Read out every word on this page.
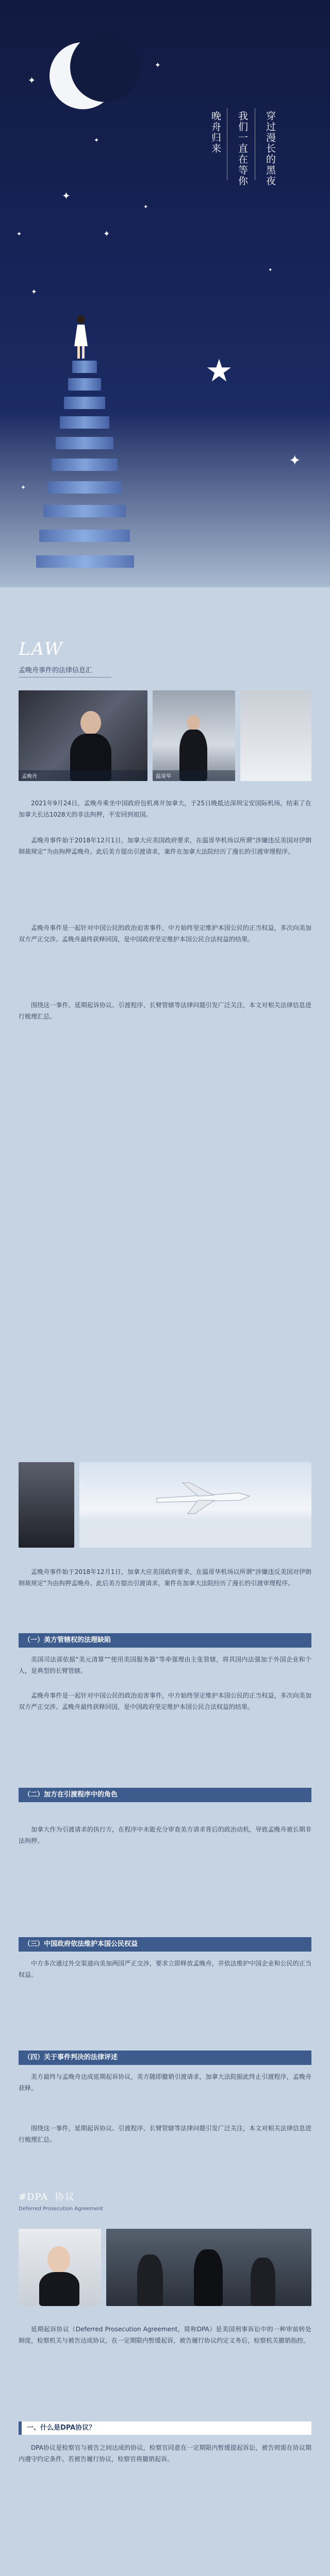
✦
✦
✦
✦
✦	✦
✦
✦
✦
★
✦
✦
晚舟归来 我们一直在等你 穿过漫长的黑夜
LAW
孟晚舟事件的法律信息汇
孟晚舟	温哥华

2021年9月24日，孟晚舟乘坐中国政府包机离开加拿大，于25日晚抵达深圳宝安国际机场，结束了在加拿大长达1028天的非法拘押，平安回到祖国。

孟晚舟事件始于2018年12月1日，加拿大应美国政府要求，在温哥华机场以所谓“涉嫌违反美国对伊朗制裁规定”为由拘押孟晚舟。此后美方提出引渡请求，案件在加拿大法院经历了漫长的引渡审理程序。

孟晚舟事件是一起针对中国公民的政治迫害事件，中方始终坚定维护本国公民的正当权益，多次向美加双方严正交涉。孟晚舟最终获释回国，是中国政府坚定维护本国公民合法权益的结果。

围绕这一事件，延期起诉协议、引渡程序、长臂管辖等法律问题引发广泛关注，本文对相关法律信息进行梳理汇总。

孟晚舟事件始于2018年12月1日，加拿大应美国政府要求，在温哥华机场以所谓“涉嫌违反美国对伊朗制裁规定”为由拘押孟晚舟。此后美方提出引渡请求，案件在加拿大法院经历了漫长的引渡审理程序。

（一）美方管辖权的法理缺陷

美国司法部依据“美元清算”“使用美国服务器”等牵强理由主张管辖，将其国内法强加于外国企业和个人，是典型的长臂管辖。

孟晚舟事件是一起针对中国公民的政治迫害事件，中方始终坚定维护本国公民的正当权益，多次向美加双方严正交涉。孟晚舟最终获释回国，是中国政府坚定维护本国公民合法权益的结果。

（二）加方在引渡程序中的角色

加拿大作为引渡请求的执行方，在程序中未能充分审查美方请求背后的政治动机，导致孟晚舟被长期非法拘押。

（三）中国政府依法维护本国公民权益

中方多次通过外交渠道向美加两国严正交涉，要求立即释放孟晚舟，并依法维护中国企业和公民的正当权益。

（四）关于事件判决的法律评述

美方最终与孟晚舟达成延期起诉协议，美方随即撤销引渡请求，加拿大法院据此终止引渡程序，孟晚舟获释。

围绕这一事件，延期起诉协议、引渡程序、长臂管辖等法律问题引发广泛关注，本文对相关法律信息进行梳理汇总。

#DPA 协议
Deferred Prosecution Agreement

延期起诉协议（Deferred Prosecution Agreement，简称DPA）是美国刑事诉讼中的一种审前转处制度，检察机关与被告达成协议，在一定期限内暂缓起诉，被告履行协议约定义务后，检察机关撤销指控。

一、什么是DPA协议？

DPA协议是检察官与被告之间达成的协议，检察官同意在一定期限内暂缓提起诉讼，被告则需在协议期内遵守约定条件。若被告履行协议，检察官将撤销起诉。
